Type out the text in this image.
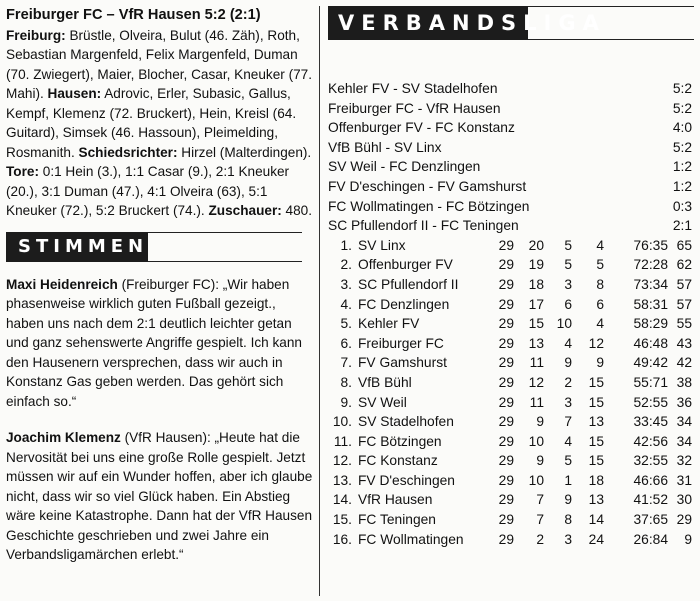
Freiburger FC – VfR Hausen 5:2 (2:1)
Freiburg: Brüstle, Olveira, Bulut (46. Zäh), Roth, Sebastian Margenfeld, Felix Margenfeld, Duman (70. Zwiegert), Maier, Blocher, Casar, Kneuker (77. Mahi). Hausen: Adrovic, Erler, Subasic, Gallus, Kempf, Klemenz (72. Bruckert), Hein, Kreisl (64. Guitard), Simsek (46. Hassoun), Pleimelding, Rosmanith. Schiedsrichter: Hirzel (Malterdingen). Tore: 0:1 Hein (3.), 1:1 Casar (9.), 2:1 Kneuker (20.), 3:1 Duman (47.), 4:1 Olveira (63), 5:1 Kneuker (72.), 5:2 Bruckert (74.). Zuschauer: 480.
STIMMEN
Maxi Heidenreich (Freiburger FC): „Wir haben phasenweise wirklich guten Fußball gezeigt., haben uns nach dem 2:1 deutlich leichter getan und ganz sehenswerte Angriffe gespielt. Ich kann den Hausenern versprechen, dass wir auch in Konstanz Gas geben werden. Das gehört sich einfach so.“
Joachim Klemenz (VfR Hausen): „Heute hat die Nervosität bei uns eine große Rolle gespielt. Jetzt müssen wir auf ein Wunder hoffen, aber ich glaube nicht, dass wir so viel Glück haben. Ein Abstieg wäre keine Katastrophe. Dann hat der VfR Hausen Geschichte geschrieben und zwei Jahre ein Verbandsligamärchen erlebt.“
VERBANDSLIGA
Kehler FV - SV Stadelhofen	5:2
Freiburger FC - VfR Hausen	5:2
Offenburger FV - FC Konstanz	4:0
VfB Bühl - SV Linx	5:2
SV Weil - FC Denzlingen	1:2
FV D'eschingen - FV Gamshurst	1:2
FC Wollmatingen - FC Bötzingen	0:3
SC Pfullendorf II - FC Teningen	2:1
1. SV Linx	29	20	5	4	76:35 65
2. Offenburger FV	29	19	5	5	72:28 62
3. SC Pfullendorf II	29	18	3	8	73:34 57
4. FC Denzlingen	29	17	6	6	58:31 57
5. Kehler FV	29	15 10	4	58:29 55
6. Freiburger FC	29	13	4	12	46:48 43
7. FV Gamshurst	29	11	9	9	49:42 42
8. VfB Bühl	29	12	2	15	55:71 38
9. SV Weil	29	11	3	15	52:55 36
10. SV Stadelhofen	29	9	7	13	33:45 34
11. FC Bötzingen	29	10	4	15	42:56 34
12. FC Konstanz	29	9	5	15	32:55 32
13. FV D'eschingen	29	10	1	18	46:66 31
14. VfR Hausen	29	7	9	13	41:52 30
15. FC Teningen	29	7	8	14	37:65 29
16. FC Wollmatingen	29	2	3	24	26:84	9
